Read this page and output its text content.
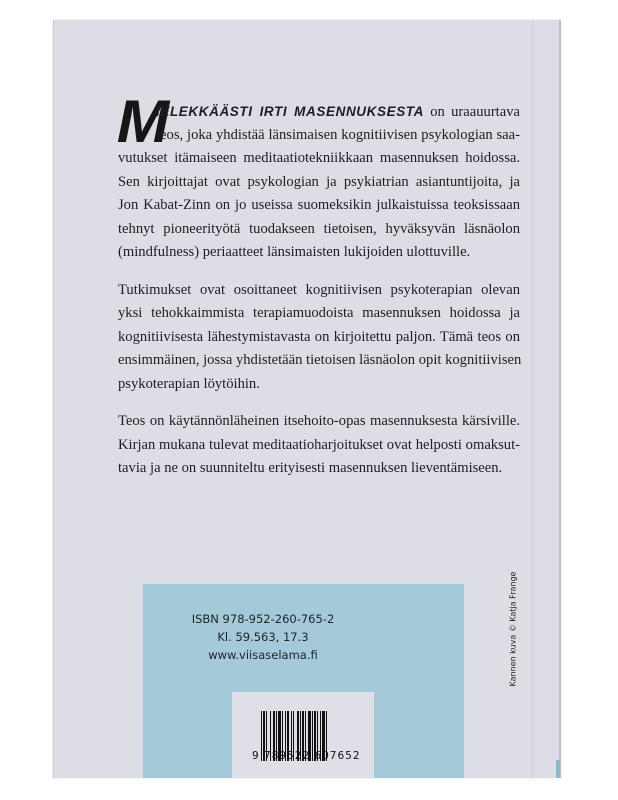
M
IELEKKÄÄSTI IRTI MASENNUKSESTA on uraauurtava
teos, joka yhdistää länsimaisen kognitiivisen psykologian saa-
vutukset itämaiseen meditaatiotekniikkaan masennuksen hoidossa.
Sen kirjoittajat ovat psykologian ja psykiatrian asiantuntijoita, ja
Jon Kabat-Zinn on jo useissa suomeksikin julkaistuissa teoksissaan
tehnyt pioneerityötä tuodakseen tietoisen, hyväksyvän läsnäolon
(mindfulness) periaatteet länsimaisten lukijoiden ulottuville.
Tutkimukset ovat osoittaneet kognitiivisen psykoterapian olevan
yksi tehokkaimmista terapiamuodoista masennuksen hoidossa ja
kognitiivisesta lähestymistavasta on kirjoitettu paljon. Tämä teos on
ensimmäinen, jossa yhdistetään tietoisen läsnäolon opit kognitiivisen
psykoterapian löytöihin.
Teos on käytännönläheinen itsehoito-opas masennuksesta kärsiville.
Kirjan mukana tulevat meditaatioharjoitukset ovat helposti omaksut-
tavia ja ne on suunniteltu erityisesti masennuksen lieventämiseen.
ISBN 978-952-260-765-2
Kl. 59.563, 17.3
www.viisaselama.fi
9 789522 607652
Kannen kuva © Katja Frange
